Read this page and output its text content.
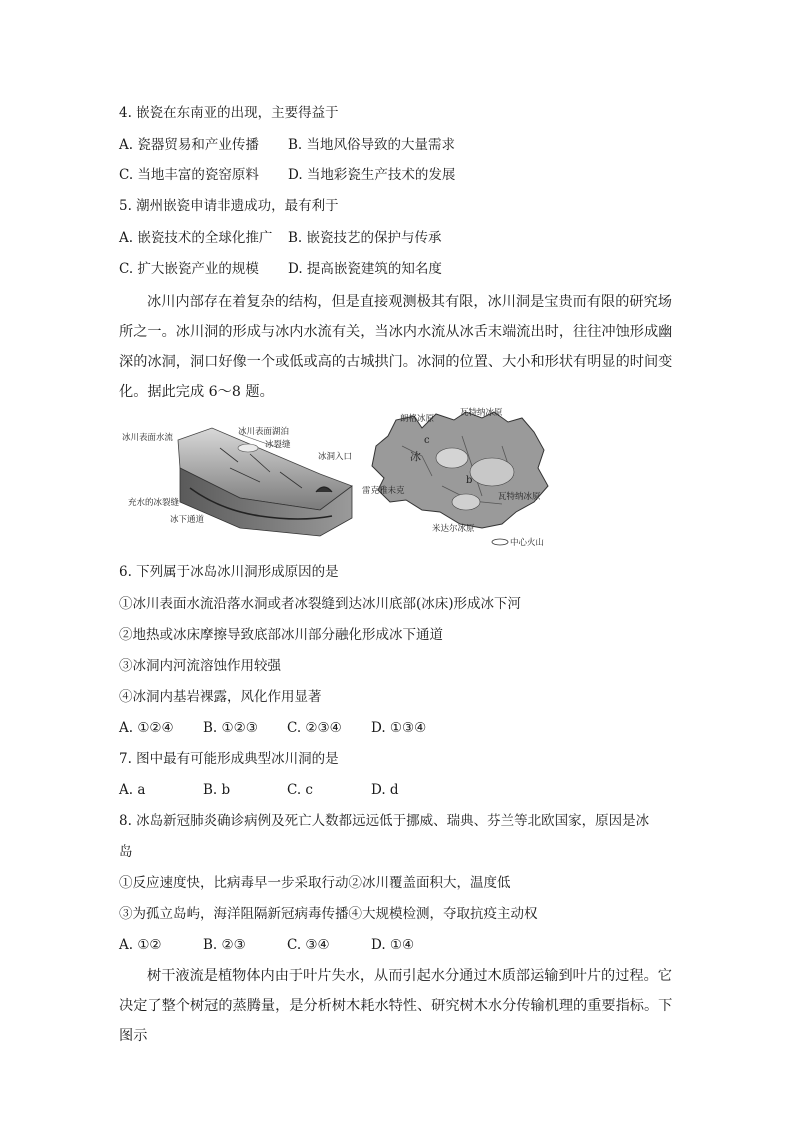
4. 嵌瓷在东南亚的出现，主要得益于
A. 瓷器贸易和产业传播 B. 当地风俗导致的大量需求
C. 当地丰富的瓷窑原料 D. 当地彩瓷生产技术的发展
5. 潮州嵌瓷申请非遗成功，最有利于
A. 嵌瓷技术的全球化推广 B. 嵌瓷技艺的保护与传承
C. 扩大嵌瓷产业的规模 D. 提高嵌瓷建筑的知名度
冰川内部存在着复杂的结构，但是直接观测极其有限，冰川洞是宝贵而有限的研究场所之一。冰川洞的形成与冰内水流有关，当冰内水流从冰舌末端流出时，往往冲蚀形成幽深的冰洞，洞口好像一个或低或高的古城拱门。冰洞的位置、大小和形状有明显的时间变化。据此完成 6～8 题。
冰川表面水流
冰川表面湖泊
冰裂缝
冰洞入口
充水的冰裂缝
冰下通道
朗格冰原
瓦特纳冰原
c
冰
b
雷克雅未克
瓦特纳冰原
米达尔冰原
中心火山
6. 下列属于冰岛冰川洞形成原因的是
①冰川表面水流沿落水洞或者冰裂缝到达冰川底部(冰床)形成冰下河
②地热或冰床摩擦导致底部冰川部分融化形成冰下通道
③冰洞内河流溶蚀作用较强
④冰洞内基岩裸露，风化作用显著
A. ①②④ B. ①②③ C. ②③④ D. ①③④
7. 图中最有可能形成典型冰川洞的是
A. a	B. b	C. c	D. d
8. 冰岛新冠肺炎确诊病例及死亡人数都远远低于挪威、瑞典、芬兰等北欧国家，原因是冰
岛
①反应速度快，比病毒早一步采取行动②冰川覆盖面积大，温度低
③为孤立岛屿，海洋阻隔新冠病毒传播④大规模检测，夺取抗疫主动权
A. ①②	B. ②③	C. ③④	D. ①④
树干液流是植物体内由于叶片失水，从而引起水分通过木质部运输到叶片的过程。它决定了整个树冠的蒸腾量，是分析树木耗水特性、研究树木水分传输机理的重要指标。下图示
